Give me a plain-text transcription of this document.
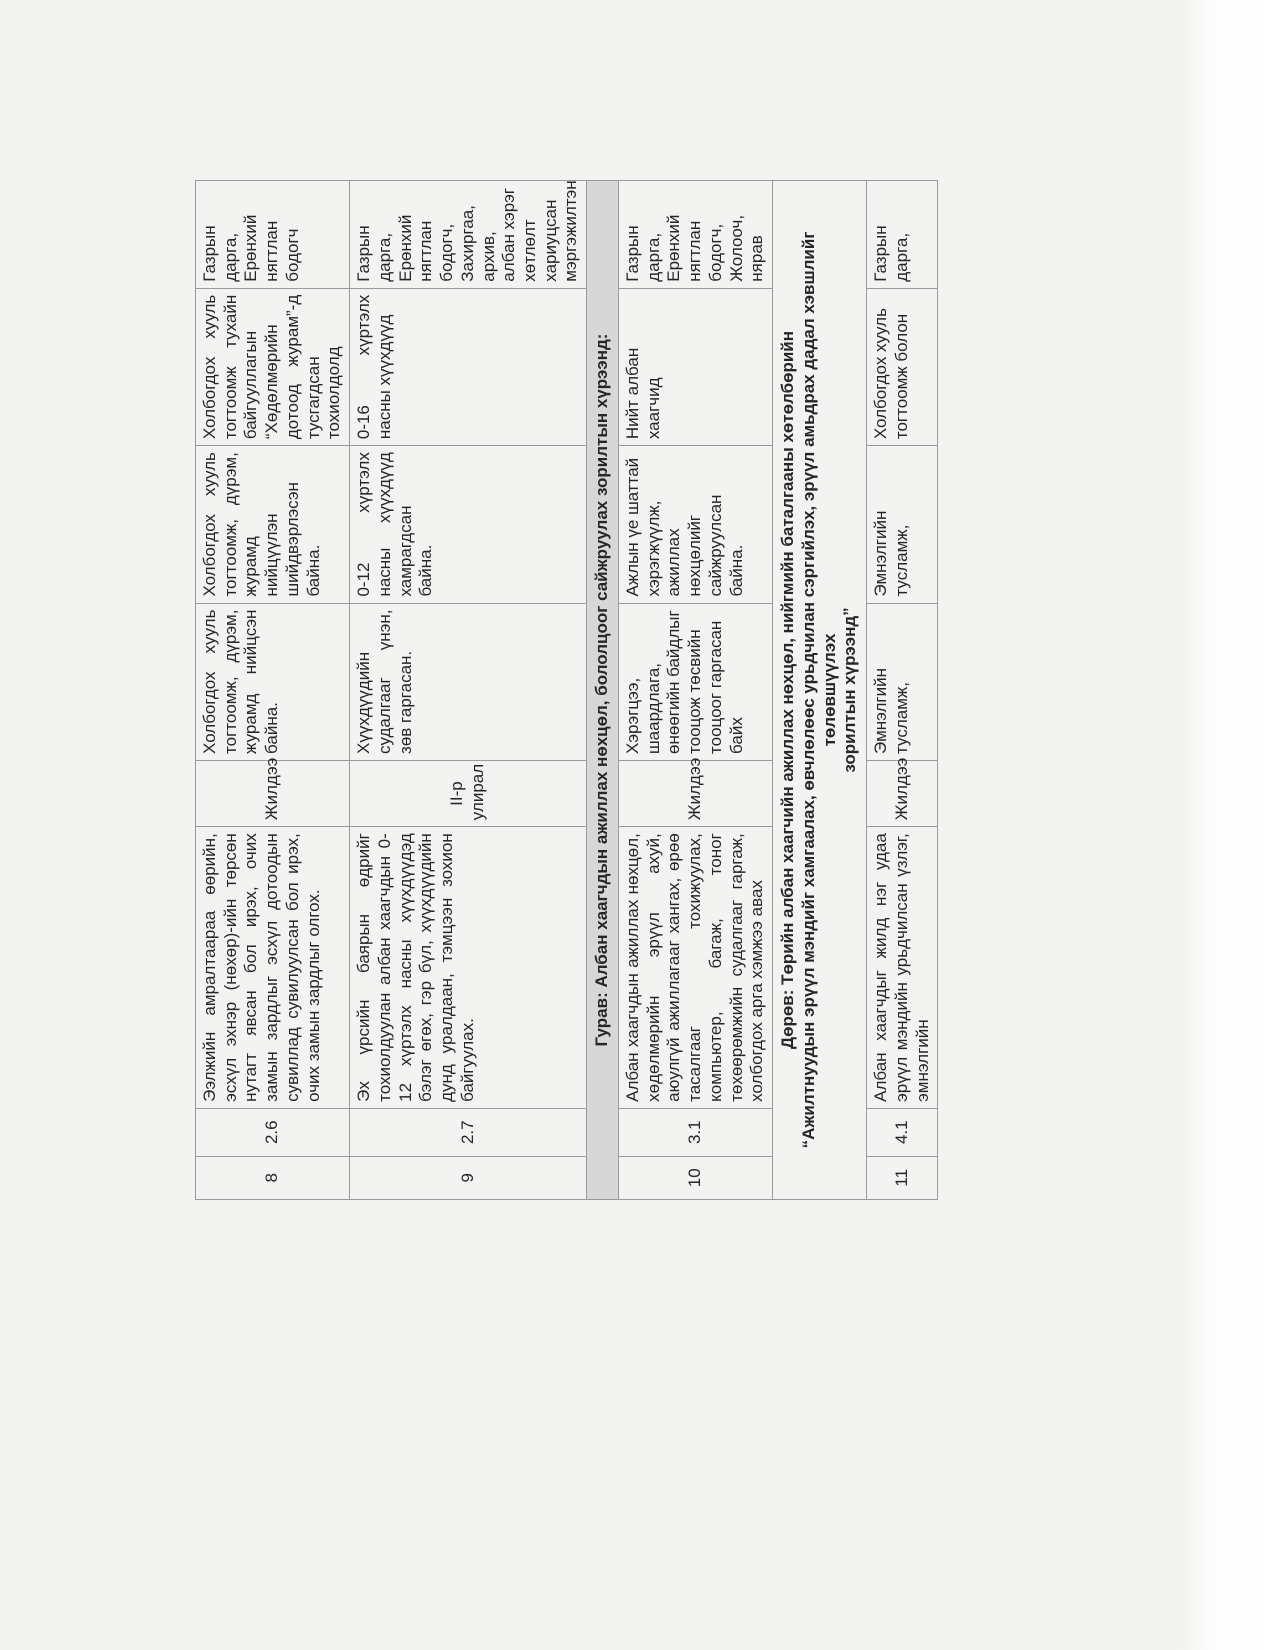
8	2.6	Ээлжийн амралтаараа өөрийн, эсхүл эхнэр (нөхөр)-ийн төрсөн нутагт явсан бол ирэх, очих замын зардлыг эсхүл дотоодын сувиллад сувилуулсан бол ирэх, очих замын зардлыг олгох.	Жилдээ	Холбогдох хууль тогтоомж, дүрэм, журамд нийцсэн байна.	Холбогдох хууль тогтоомж, дүрэм, журамд нийцүүлэн шийдвэрлэсэн байна.	Холбогдох хууль тогтоомж тухайн байгууллагын “Хөдөлмөрийн дотоод журам”-д тусгагдсан тохиолдолд	Газрын дарга, Ерөнхий нягтлан бодогч
9	2.7	Эх үрсийн баярын өдрийг тохиолдуулан албан хаагчдын 0-12 хүртэлх насны хүүхдүүдэд бэлэг өгөх, гэр бүл, хүүхдүүдийн дунд уралдаан, тэмцээн зохион байгуулах.	II-р улирал	Хүүхдүүдийн судалгааг үнэн, зөв гаргасан.	0-12 хүртэлх насны хүүхдүүд хамрагдсан байна.	0-16 хүртэлх насны хүүхдүүд	Газрын дарга, Ерөнхий нягтлан бодогч, Захиргаа, архив, албан хэрэг хөтлөлт хариуцсан мэргэжилтэн
Гурав: Албан хаагчдын ажиллах нөхцөл, бололцоог сайжруулах зорилтын хүрээнд:							
10	3.1	Албан хаагчдын ажиллах нөхцөл, хөдөлмөрийн эрүүл ахуй, аюулгүй ажиллагааг хангах, өрөө тасалгааг тохижуулах, компьютер, багаж, тоног төхөөрөмжийн судалгааг гаргаж, холбогдох арга хэмжээ авах	Жилдээ	Хэрэгцээ, шаардлага, өнөөгийн байдлыг тооцож төсвийн тооцоог гаргасан байх	Ажлын үе шаттай хэрэгжүүлж, ажиллах нөхцөлийг сайжруулсан байна.	Нийт албан хаагчид	Газрын дарга, Ерөнхий нягтлан бодогч, Жолооч, нярав

Дөрөв: Төрийн албан хаагчийн ажиллах нөхцөл, нийгмийн баталгааны хөтөлбөрийн “Ажилтнуудын эрүүл мэндийг хамгаалах, өвчлөлөөс урьдчилан сэргийлэх, эрүүл амьдрах дадал хэвшлийг төлөвшүүлэх зорилтын хүрээнд”							

11	4.1	Албан хаагчдыг жилд нэг удаа эрүүл мэндийн урьдчилсан үзлэг, эмнэлгийн	Жилдээ	Эмнэлгийн тусламж,	Эмнэлгийн тусламж,	Холбогдох хууль тогтоомж болон	Газрын дарга,
